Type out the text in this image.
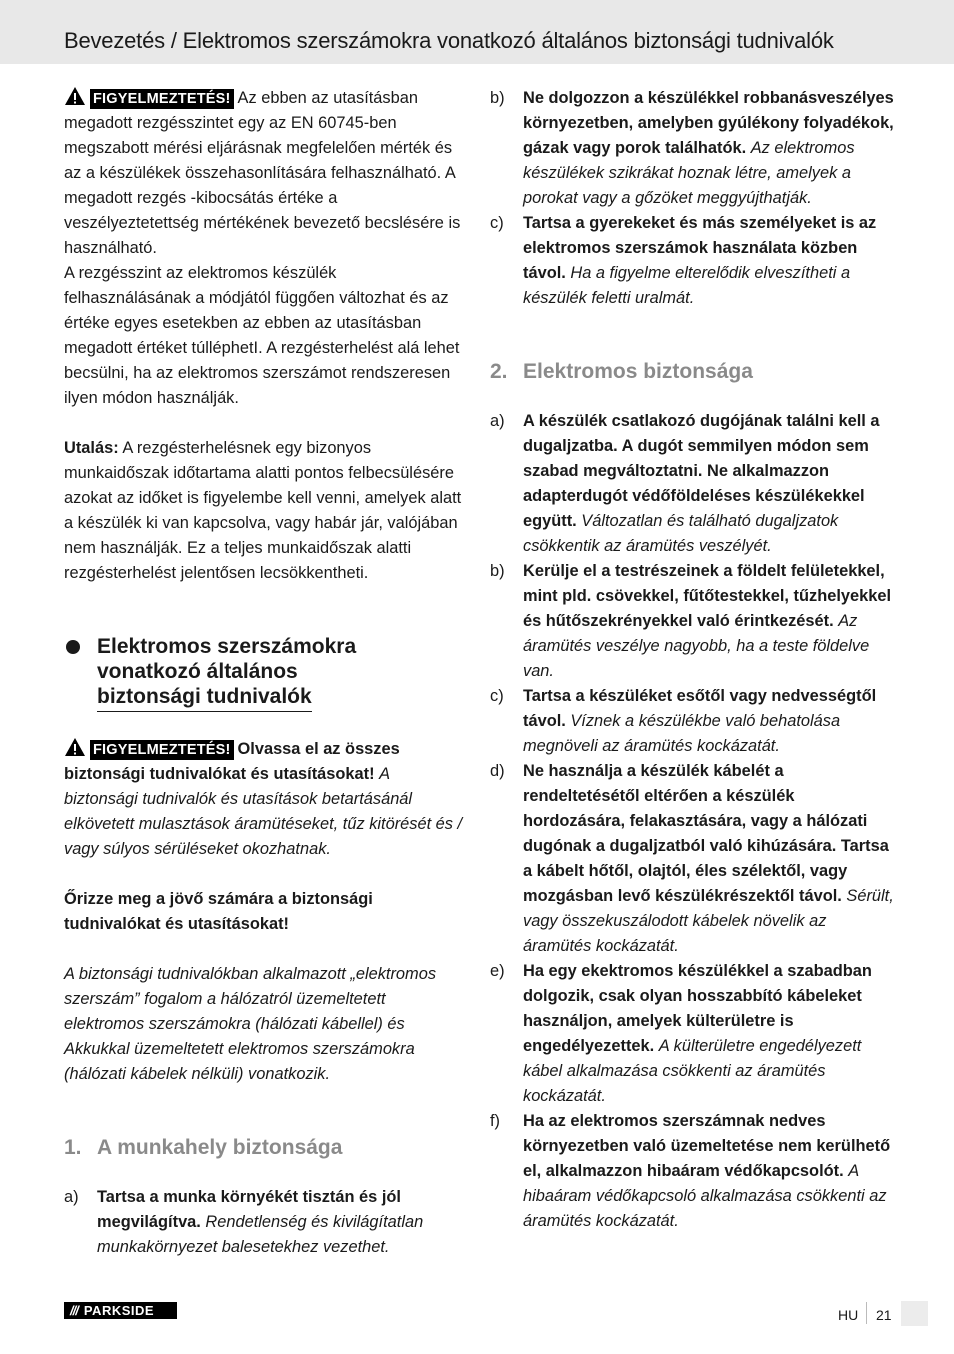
Bevezetés / Elektromos szerszámokra vonatkozó általános biztonsági tudnivalók

FIGYELMEZTETÉS! Az ebben az utasításban megadott rezgésszintet egy az EN 60745-ben megszabott mérési eljárásnak megfelelően mérték és az a készülékek összehasonlítására felhasználható. A megadott rezgés -kibocsátás értéke a veszélyeztetettség mértékének bevezető becslésére is használható.

A rezgésszint az elektromos készülék felhasználásának a módjától függően változhat és az értéke egyes esetekben az ebben az utasításban megadott értéket túlléphetI. A rezgésterhelést alá lehet becsülni, ha az elektromos szerszámot rendszeresen ilyen módon használják.

Utalás: A rezgésterhelésnek egy bizonyos munkaidőszak időtartama alatti pontos felbecsülésére azokat az időket is figyelembe kell venni, amelyek alatt a készülék ki van kapcsolva, vagy habár jár, valójában nem használják. Ez a teljes munkaidőszak alatti rezgésterhelést jelentősen lecsökkentheti.

Elektromos szerszámokra
vonatkozó általános
biztonsági tudnivalók

FIGYELMEZTETÉS! Olvassa el az összes biztonsági tudnivalókat és utasításokat! A biztonsági tudnivalók és utasítások betartásánál elkövetett mulasztások áramütéseket, tűz kitörését és / vagy súlyos sérüléseket okozhatnak.

Őrizze meg a jövő számára a biztonsági tudnivalókat és utasításokat!

A biztonsági tudnivalókban alkalmazott „elektromos szerszám” fogalom a hálózatról üzemeltetett elektromos szerszámokra (hálózati kábellel) és Akkukkal üzemeltetett elektromos szerszámokra (hálózati kábelek nélküli) vonatkozik.

1. A munkahely biztonsága
a)	Tartsa a munka környékét tisztán és jól megvilágítva. Rendetlenség és kivilágítatlan munkakörnyezet balesetekhez vezethet.
b)	Ne dolgozzon a készülékkel robbanásveszélyes környezetben, amelyben gyúlékony folyadékok, gázak vagy porok találhatók. Az elektromos készülékek szikrákat hoznak létre, amelyek a porokat vagy a gőzöket meggyújthatják.
c)	Tartsa a gyerekeket és más személyeket is az elektromos szerszámok használata közben távol. Ha a figyelme elterelődik elveszítheti a készülék feletti uralmát.
2. Elektromos biztonsága
a)	A készülék csatlakozó dugójának találni kell a dugaljzatba. A dugót semmilyen módon sem szabad megváltoztatni. Ne alkalmazzon adapterdugót védőföldeléses készülékekkel együtt. Változatlan és található dugaljzatok csökkentik az áramütés veszélyét.
b)	Kerülje el a testrészeinek a földelt felületekkel, mint pld. csövekkel, fűtőtestekkel, tűzhelyekkel és hűtőszekrényekkel való érintkezését. Az áramütés veszélye nagyobb, ha a teste földelve van.
c)	Tartsa a készüléket esőtől vagy nedvességtől távol. Víznek a készülékbe való behatolása megnöveli az áramütés kockázatát.
d)	Ne használja a készülék kábelét a rendeltetésétől eltérően a készülék hordozására, felakasztására, vagy a hálózati dugónak a dugaljzatból való kihúzására. Tartsa a kábelt hőtől, olajtól, éles szélektől, vagy mozgásban levő készülékrészektől távol. Sérült, vagy összekuszálodott kábelek növelik az áramütés kockázatát.
e)	Ha egy ekektromos készülékkel a szabadban dolgozik, csak olyan hosszabbító kábeleket használjon, amelyek külterületre is engedélyezettek. A külterületre engedélyezett kábel alkalmazása csökkenti az áramütés kockázatát.
f)	Ha az elektromos szerszámnak nedves környezetben való üzemeltetése nem kerülhető el, alkalmazzon hibaáram védőkapcsolót. A hibaáram védőkapcsoló alkalmazása csökkenti az áramütés kockázatát.
/// PARKSIDE	HU 21
